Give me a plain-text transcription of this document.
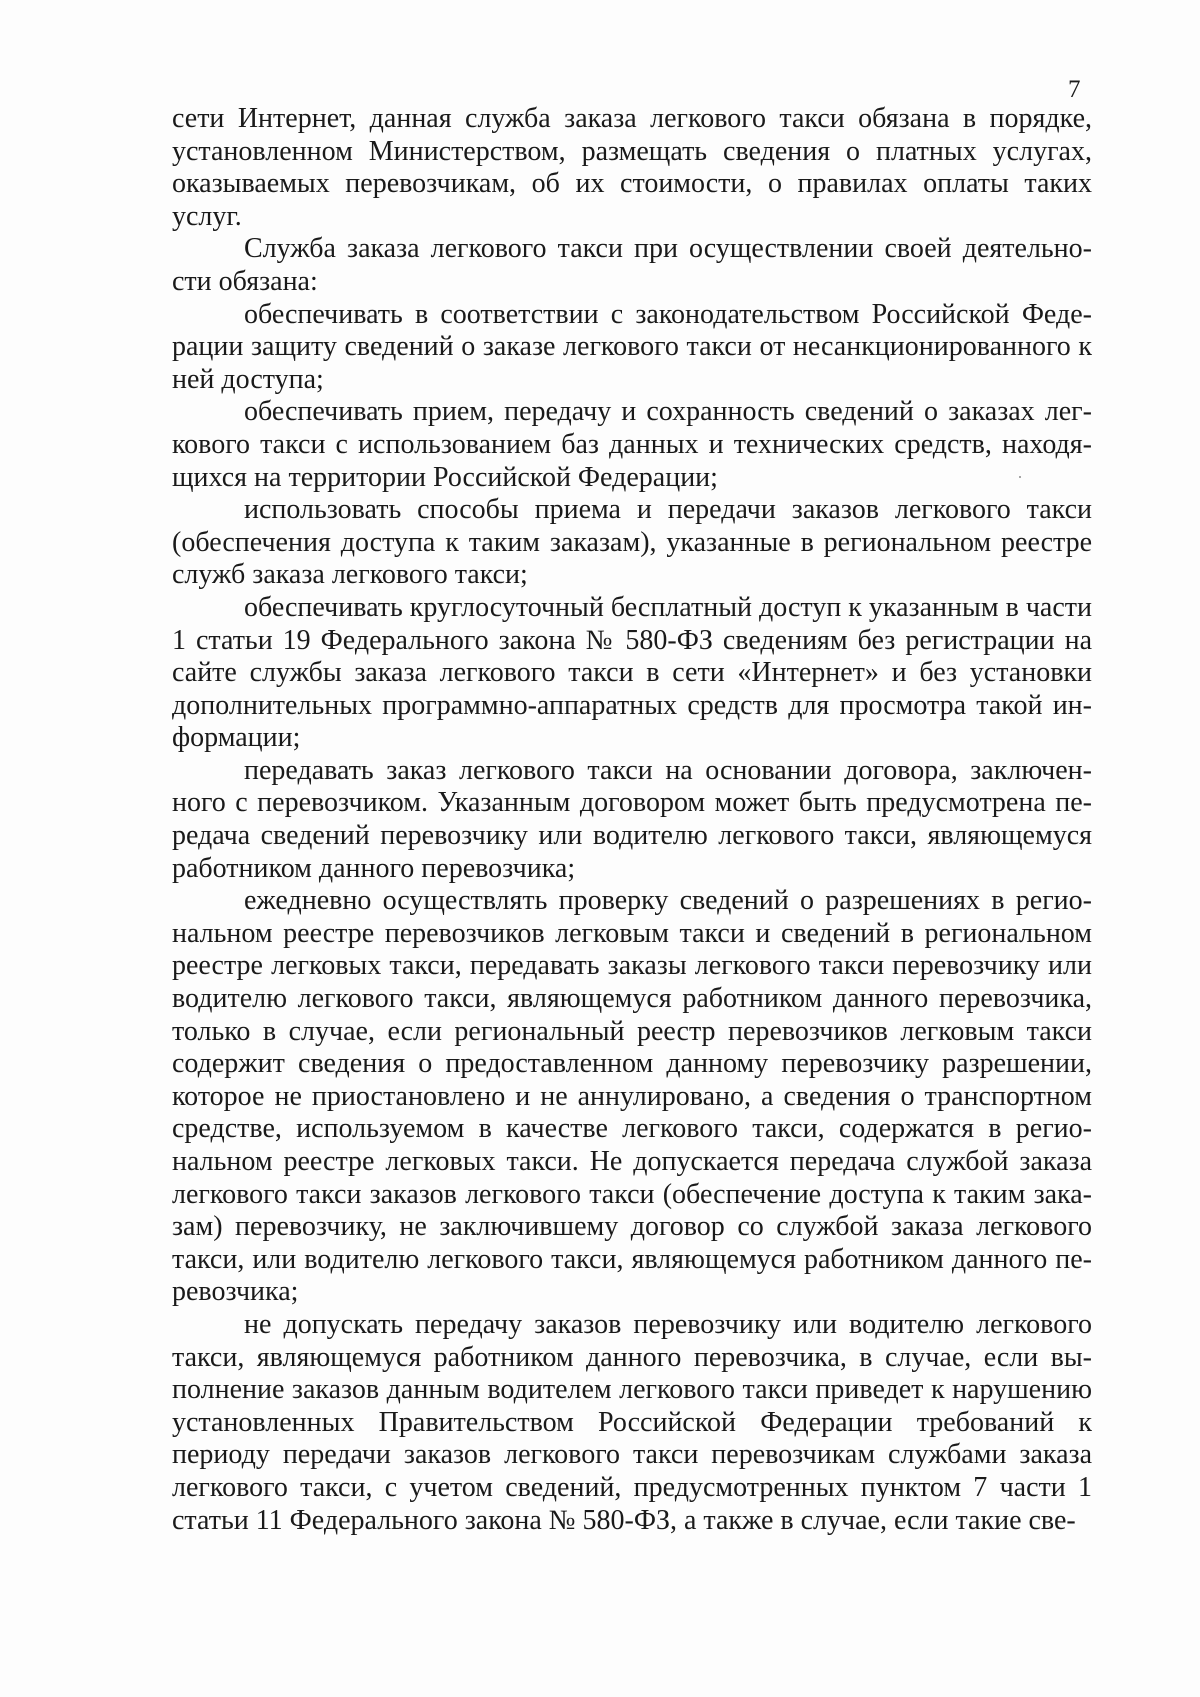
7

сети Интернет, данная служба заказа легкового такси обязана в порядке, установленном Министерством, размещать сведения о платных услугах, оказываемых перевозчикам, об их стоимости, о правилах оплаты таких услуг.

Служба заказа легкового такси при осуществлении своей деятельности обязана:

обеспечивать в соответствии с законодательством Российской Федерации защиту сведений о заказе легкового такси от несанкционированного к ней доступа;

обеспечивать прием, передачу и сохранность сведений о заказах легкового такси с использованием баз данных и технических средств, находящихся на территории Российской Федерации;

использовать способы приема и передачи заказов легкового такси (обеспечения доступа к таким заказам), указанные в региональном реестре служб заказа легкового такси;

обеспечивать круглосуточный бесплатный доступ к указанным в части 1 статьи 19 Федерального закона № 580-ФЗ сведениям без регистрации на сайте службы заказа легкового такси в сети «Интернет» и без установки дополнительных программно-аппаратных средств для просмотра такой информации;

передавать заказ легкового такси на основании договора, заключенного с перевозчиком. Указанным договором может быть предусмотрена передача сведений перевозчику или водителю легкового такси, являющемуся работником данного перевозчика;

ежедневно осуществлять проверку сведений о разрешениях в региональном реестре перевозчиков легковым такси и сведений в региональном реестре легковых такси, передавать заказы легкового такси перевозчику или водителю легкового такси, являющемуся работником данного перевозчика, только в случае, если региональный реестр перевозчиков легковым такси содержит сведения о предоставленном данному перевозчику разрешении, которое не приостановлено и не аннулировано, а сведения о транспортном средстве, используемом в качестве легкового такси, содержатся в региональном реестре легковых такси. Не допускается передача службой заказа легкового такси заказов легкового такси (обеспечение доступа к таким заказам) перевозчику, не заключившему договор со службой заказа легкового такси, или водителю легкового такси, являющемуся работником данного перевозчика;

не допускать передачу заказов перевозчику или водителю легкового такси, являющемуся работником данного перевозчика, в случае, если выполнение заказов данным водителем легкового такси приведет к нарушению установленных Правительством Российской Федерации требований к периоду передачи заказов легкового такси перевозчикам службами заказа легкового такси, с учетом сведений, предусмотренных пунктом 7 части 1 статьи 11 Федерального закона № 580-ФЗ, а также в случае, если такие све-
